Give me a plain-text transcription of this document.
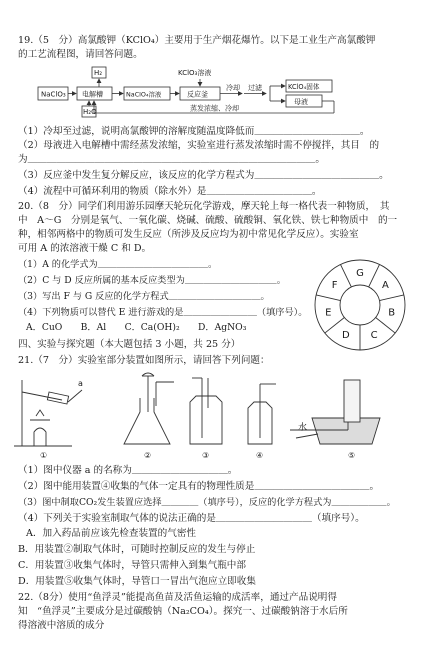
19.（5　分）高氯酸钾（KClO₄）主要用于生产烟花爆竹。以下是工业生产高氯酸钾
的工艺流程图，请回答问题。
NaClO₃
H₂
H₂O
电解槽	NaClO₄溶液
KClO₃溶液
反应釜
冷却 过滤	KClO₄固体
母液
蒸发浓缩、冷却
（1）冷却至过滤，说明高氯酸钾的溶解度随温度降低而＿＿＿＿＿＿＿＿＿＿＿。
（2）母液进入电解槽中需经蒸发浓缩，实验室进行蒸发浓缩时需不停搅拌，其目　的
为＿＿＿＿＿＿＿＿＿＿＿＿＿＿＿＿＿＿＿＿＿＿＿＿＿＿＿＿＿＿。
（3）反应釜中发生复分解反应，该反应的化学方程式为＿＿＿＿＿＿＿＿＿＿＿＿＿。
（4）流程中可循环利用的物质（除水外）是＿＿＿＿＿＿＿＿＿＿＿。
20.（8　分）同学们利用游乐园摩天轮玩化学游戏，摩天轮上每一格代表一种物质，　其
中　A～G　分别是氧气、一氧化碳、烧碱、硫酸、硫酸铜、氧化铁、铁七种物质中　的一
种，相邻两格中的物质可发生反应（所涉及反应均为初中常见化学反应）。实验室
可用 A 的浓溶液干燥 C 和 D。
（1）A 的化学式为＿＿＿＿＿＿＿＿＿＿＿＿。
（2）C 与 D 反应所属的基本反应类型为＿＿＿＿＿＿＿＿＿＿。
（3）写出 F 与 G 反应的化学方程式＿＿＿＿＿＿＿＿＿＿。
（4）下列物质可以替代 E 进行游戏的是＿＿＿＿＿＿＿＿（填序号）。
A．CuO　　B．Al　　C．Ca(OH)₂　　D．AgNO₃
G
A
B
C
D
E
F
四、实验与探究题（本大题包括 3 小题，共 25 分）
21.（7　分）实验室部分装置如图所示，请回答下列问题：
a
水
①	②	③	④	⑤
（1）图中仪器 a 的名称为＿＿＿＿＿＿＿＿＿＿。
（2）图中能用装置④收集的气体一定具有的物理性质是＿＿＿＿＿＿＿＿＿＿＿＿。
（3）图中制取CO₂发生装置应选择＿＿＿＿（填序号），反应的化学方程式为＿＿＿＿＿＿。
（4）下列关于实验室制取气体的说法正确的是＿＿＿＿＿＿＿＿＿＿（填序号）。
A．加入药品前应该先检查装置的气密性
B．用装置②制取气体时，可随时控制反应的发生与停止
C．用装置③收集气体时，导管只需伸入到集气瓶中部
D．用装置⑤收集气体时，导管口一冒出气泡应立即收集
22.（8分）使用“鱼浮灵”能提高鱼苗及活鱼运输的成活率，通过产品说明得
知　“鱼浮灵”主要成分是过碳酸钠（Na₂CO₄）。探究一、过碳酸钠溶于水后所
得溶液中溶质的成分
